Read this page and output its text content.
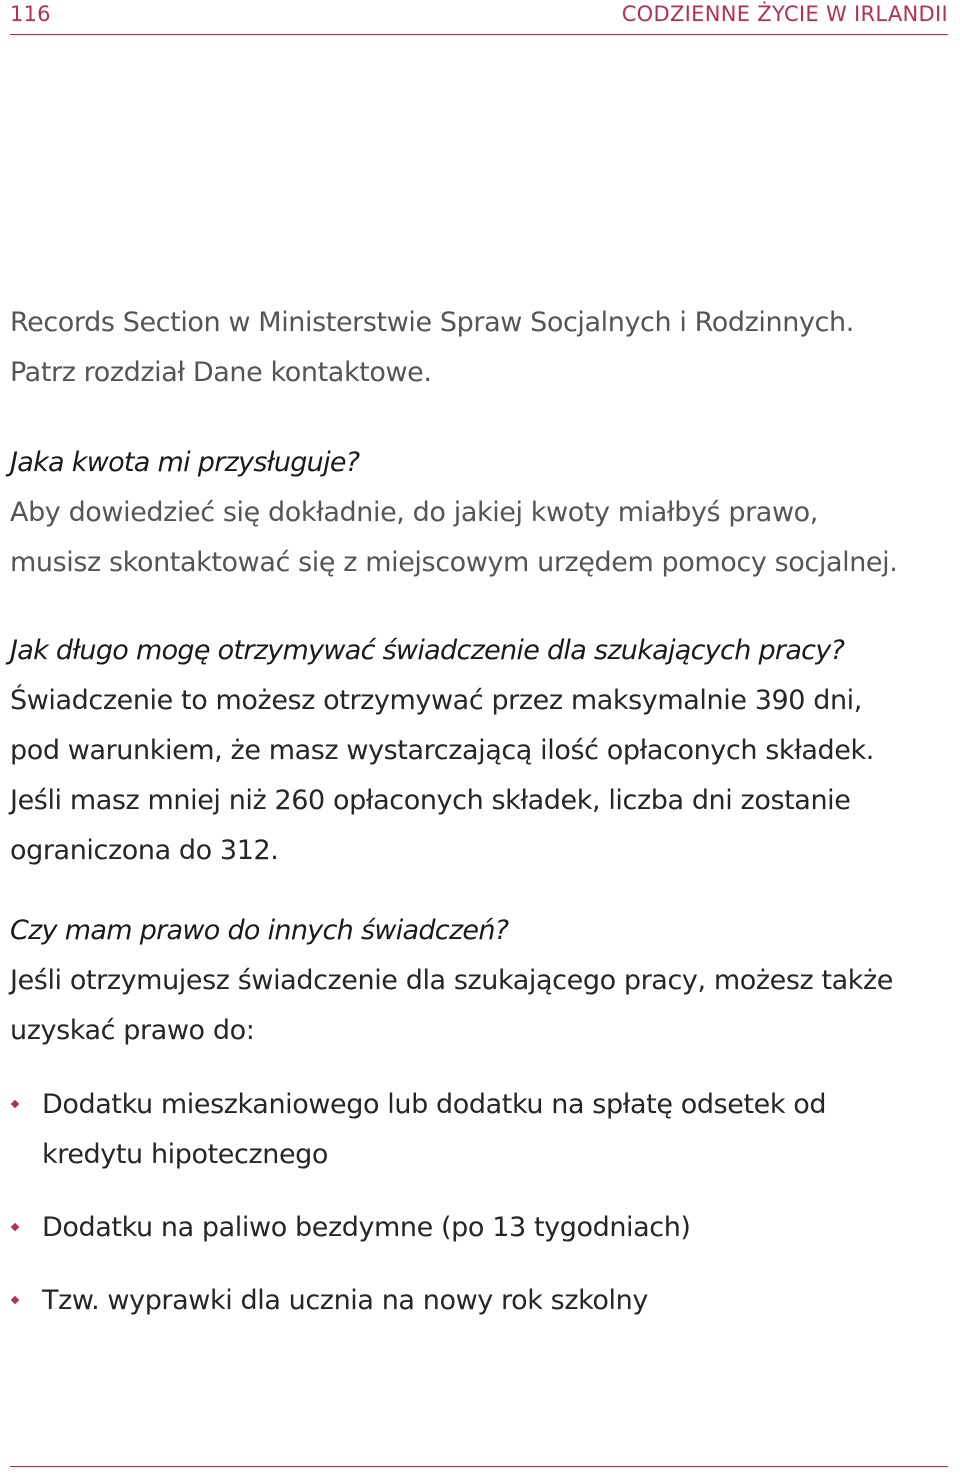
116	CODZIENNE ŻYCIE W IRLANDII

Records Section w Ministerstwie Spraw Socjalnych i Rodzinnych.

Patrz rozdział Dane kontaktowe.

Jaka kwota mi przysługuje?

Aby dowiedzieć się dokładnie, do jakiej kwoty miałbyś prawo,

musisz skontaktować się z miejscowym urzędem pomocy socjalnej.

Jak długo mogę otrzymywać świadczenie dla szukających pracy?

Świadczenie to możesz otrzymywać przez maksymalnie 390 dni,

pod warunkiem, że masz wystarczającą ilość opłaconych składek.

Jeśli masz mniej niż 260 opłaconych składek, liczba dni zostanie

ograniczona do 312.

Czy mam prawo do innych świadczeń?

Jeśli otrzymujesz świadczenie dla szukającego pracy, możesz także

uzyskać prawo do:

Dodatku mieszkaniowego lub dodatku na spłatę odsetek od
kredytu hipotecznego
Dodatku na paliwo bezdymne (po 13 tygodniach)
Tzw. wyprawki dla ucznia na nowy rok szkolny
